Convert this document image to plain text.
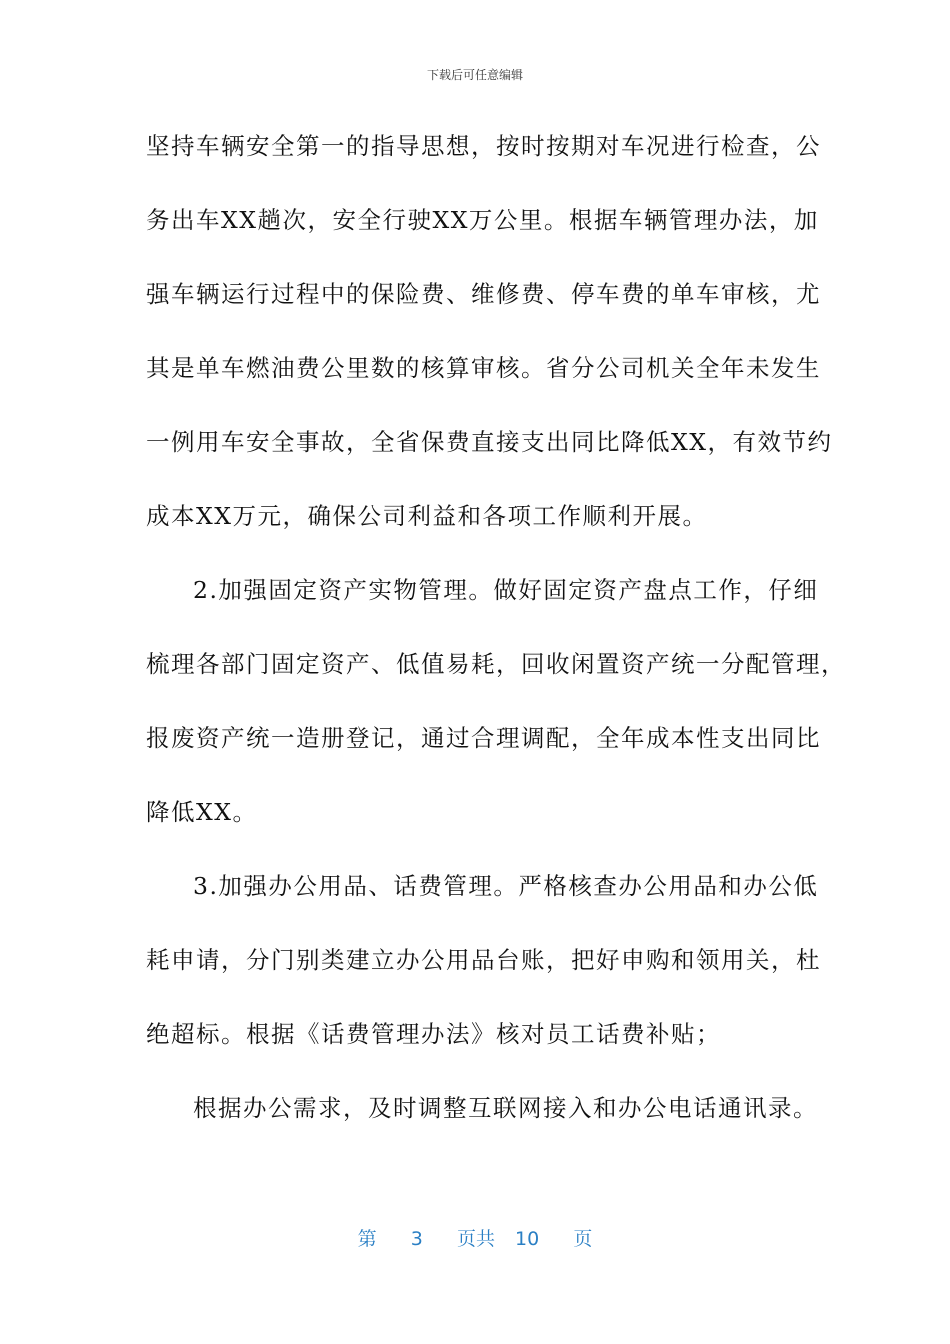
下载后可任意编辑
坚持车辆安全第一的指导思想，按时按期对车况进行检查，公
务出车XX趟次，安全行驶XX万公里。根据车辆管理办法，加
强车辆运行过程中的保险费、维修费、停车费的单车审核，尤
其是单车燃油费公里数的核算审核。省分公司机关全年未发生
一例用车安全事故，全省保费直接支出同比降低XX，有效节约
成本XX万元，确保公司利益和各项工作顺利开展。
2.加强固定资产实物管理。做好固定资产盘点工作，仔细
梳理各部门固定资产、低值易耗，回收闲置资产统一分配管理，
报废资产统一造册登记，通过合理调配，全年成本性支出同比
降低XX。
3.加强办公用品、话费管理。严格核查办公用品和办公低
耗申请，分门别类建立办公用品台账，把好申购和领用关，杜
绝超标。根据《话费管理办法》核对员工话费补贴；
根据办公需求，及时调整互联网接入和办公电话通讯录。
第 3 页共 10 页
